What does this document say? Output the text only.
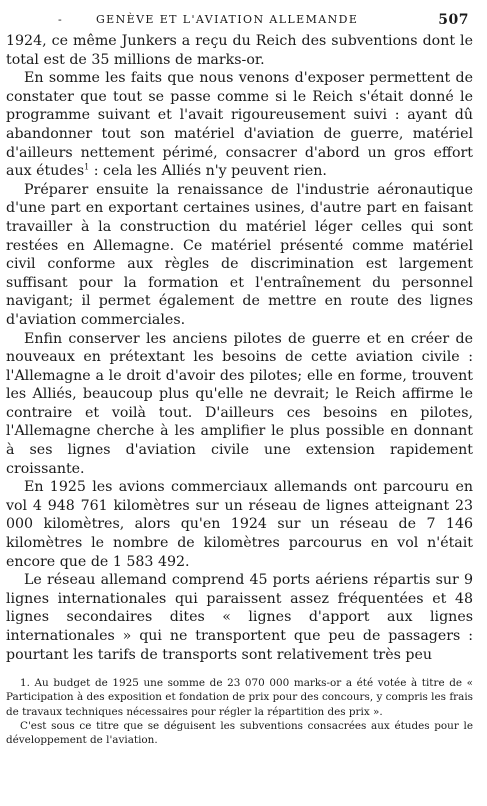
-	GENÈVE ET L'AVIATION ALLEMANDE	507

1924, ce même Junkers a reçu du Reich des subventions dont le total est de 35 millions de marks-or.

En somme les faits que nous venons d'exposer permettent de constater que tout se passe comme si le Reich s'était donné le programme suivant et l'avait rigoureusement suivi : ayant dû abandonner tout son matériel d'aviation de guerre, matériel d'ailleurs nettement périmé, consacrer d'abord un gros effort aux études$^1$ : cela les Alliés n'y peuvent rien.

Préparer ensuite la renaissance de l'industrie aéronautique d'une part en exportant certaines usines, d'autre part en faisant travailler à la construction du matériel léger celles qui sont restées en Allemagne. Ce matériel présenté comme matériel civil conforme aux règles de discrimination est largement suffisant pour la formation et l'entraînement du personnel navigant; il permet également de mettre en route des lignes d'aviation commerciales.

Enfin conserver les anciens pilotes de guerre et en créer de nouveaux en prétextant les besoins de cette aviation civile : l'Allemagne a le droit d'avoir des pilotes; elle en forme, trouvent les Alliés, beaucoup plus qu'elle ne devrait; le Reich affirme le contraire et voilà tout. D'ailleurs ces besoins en pilotes, l'Allemagne cherche à les amplifier le plus possible en donnant à ses lignes d'aviation civile une extension rapidement croissante.

En 1925 les avions commerciaux allemands ont parcouru en vol 4 948 761 kilomètres sur un réseau de lignes atteignant 23 000 kilomètres, alors qu'en 1924 sur un réseau de 7 146 kilomètres le nombre de kilomètres parcourus en vol n'était encore que de 1 583 492.

Le réseau allemand comprend 45 ports aériens répartis sur 9 lignes internationales qui paraissent assez fréquentées et 48 lignes secondaires dites « lignes d'apport aux lignes internationales » qui ne transportent que peu de passagers : pourtant les tarifs de transports sont relativement très peu

1. Au budget de 1925 une somme de 23 070 000 marks-or a été votée à titre de « Participation à des exposition et fondation de prix pour des concours, y compris les frais de travaux techniques nécessaires pour régler la répartition des prix ».

C'est sous ce titre que se déguisent les subventions consacrées aux études pour le développement de l'aviation.
